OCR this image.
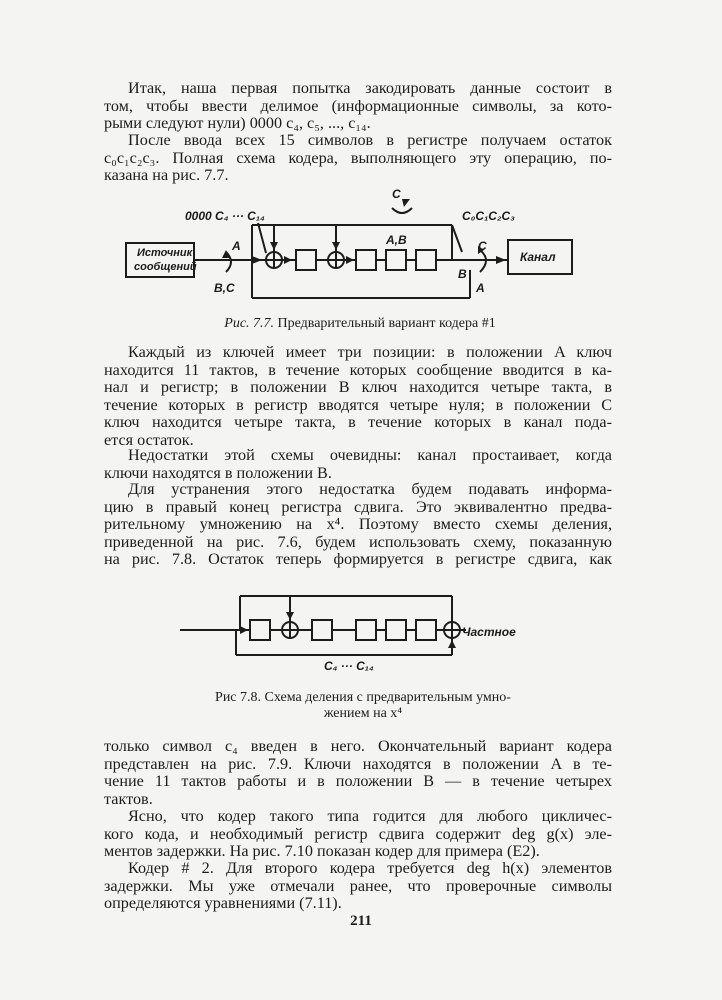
Итак, наша первая попытка закодировать данные состоит в
том, чтобы ввести делимое (информационные символы, за кото-
рыми следуют нули) 0000 c₄, c₅, ..., c₁₄.

После ввода всех 15 символов в регистре получаем остаток
c₀c₁c₂c₃. Полная схема кодера, выполняющего эту операцию, по-
казана на рис. 7.7.

Источник
сообщений
Канал
0000 C₄ ··· C₁₄	C₀C₁C₂C₃
A
B,C
C
A,B	C
B
A

Рис. 7.7. Предварительный вариант кодера #1

Каждый из ключей имеет три позиции: в положении A ключ
находится 11 тактов, в течение которых сообщение вводится в ка-
нал и регистр; в положении B ключ находится четыре такта, в
течение которых в регистр вводятся четыре нуля; в положении C
ключ находится четыре такта, в течение которых в канал пода-
ется остаток.

Недостатки этой схемы очевидны: канал простаивает, когда
ключи находятся в положении B.

Для устранения этого недостатка будем подавать информа-
цию в правый конец регистра сдвига. Это эквивалентно предва-
рительному умножению на x⁴. Поэтому вместо схемы деления,
приведенной на рис. 7.6, будем использовать схему, показанную
на рис. 7.8. Остаток теперь формируется в регистре сдвига, как

Частное
C₄ ··· C₁₄

Рис 7.8. Схема деления с предварительным умно-
жением на x⁴

только символ c₄ введен в него. Окончательный вариант кодера
представлен на рис. 7.9. Ключи находятся в положении A в те-
чение 11 тактов работы и в положении B — в течение четырех
тактов.

Ясно, что кодер такого типа годится для любого цикличес-
кого кода, и необходимый регистр сдвига содержит deg g(x) эле-
ментов задержки. На рис. 7.10 показан кодер для примера (E2).

Кодер # 2. Для второго кодера требуется deg h(x) элементов
задержки. Мы уже отмечали ранее, что проверочные символы
определяются уравнениями (7.11).

211
